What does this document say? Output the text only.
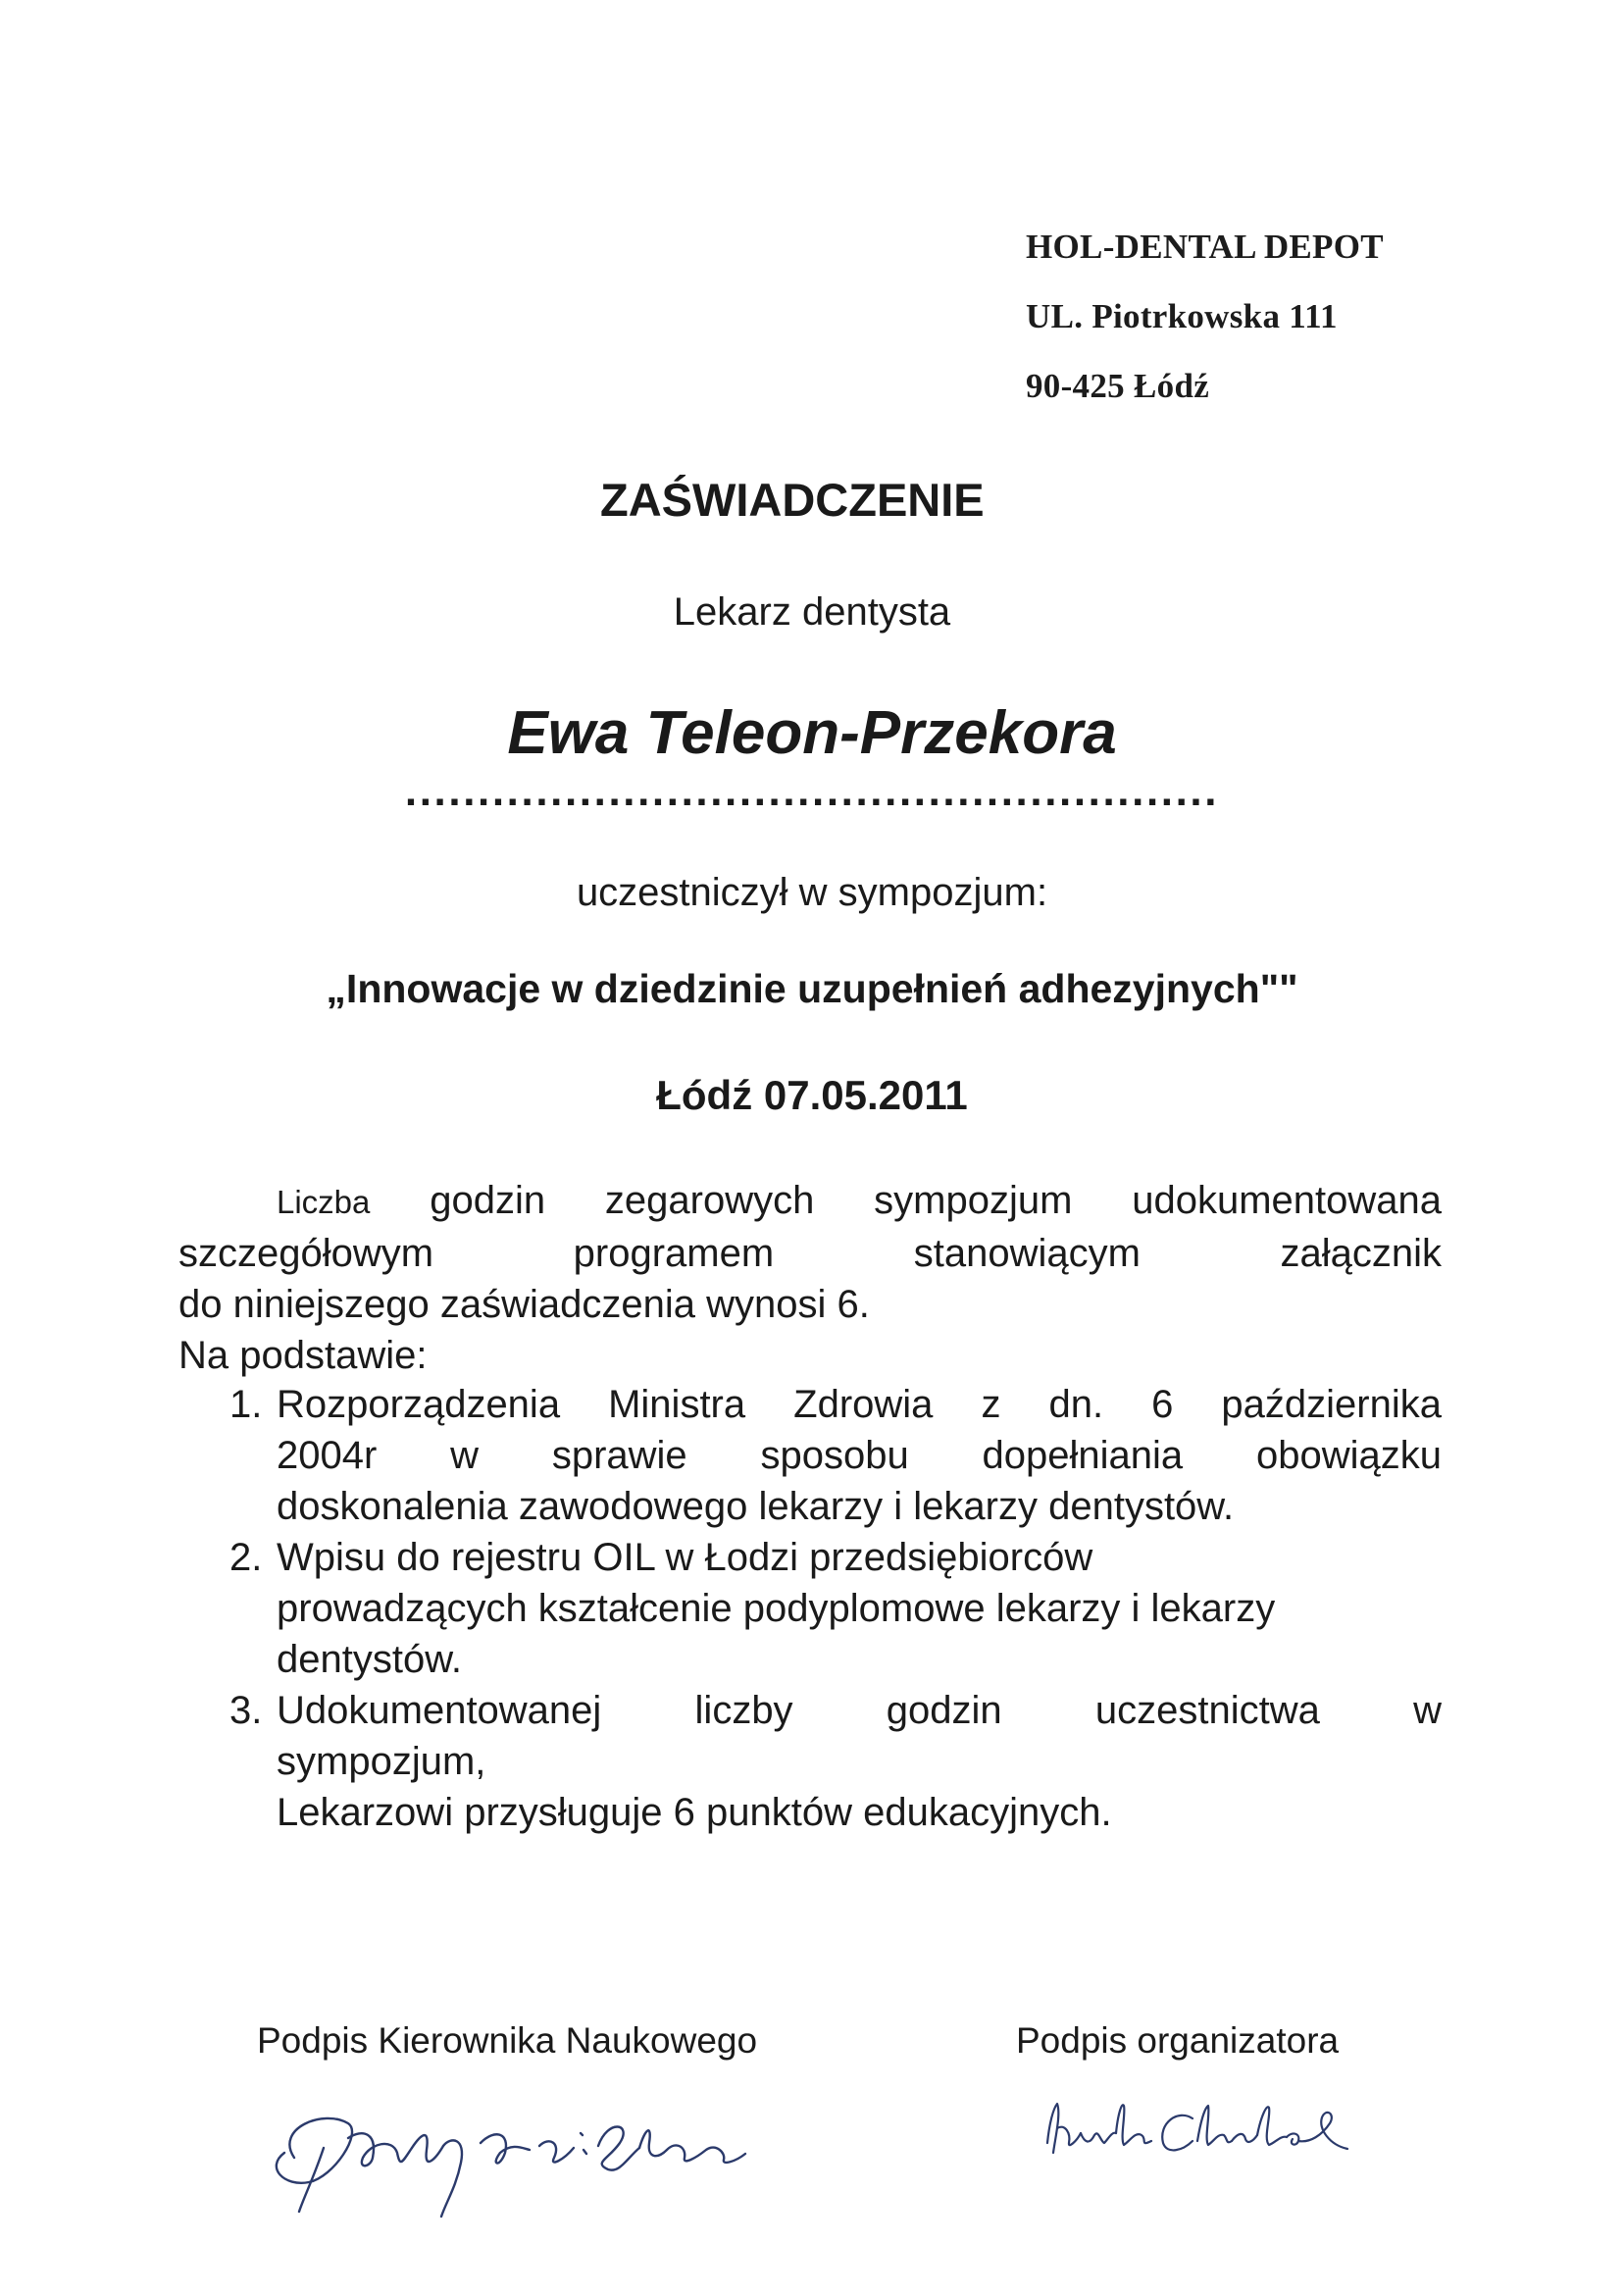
HOL-DENTAL DEPOT
UL. Piotrkowska 111
90-425 Łódź
ZAŚWIADCZENIE
Lekarz dentysta
Ewa Teleon-Przekora
........................................................
uczestniczył w sympozjum:
„Innowacje w dziedzinie uzupełnień adhezyjnych""
Łódź 07.05.2011
Liczba godzin zegarowych sympozjum udokumentowana
szczegółowym programem stanowiącym załącznik
do niniejszego zaświadczenia wynosi 6.
Na podstawie:
1. Rozporządzenia Ministra Zdrowia z dn. 6 października
2004r w sprawie sposobu dopełniania obowiązku
doskonalenia zawodowego lekarzy i lekarzy dentystów.
2. Wpisu do rejestru OIL w Łodzi przedsiębiorców
prowadzących kształcenie podyplomowe lekarzy i lekarzy
dentystów.
3. Udokumentowanej liczby godzin uczestnictwa w
sympozjum,
Lekarzowi przysługuje 6 punktów edukacyjnych.
Podpis Kierownika Naukowego	Podpis organizatora
